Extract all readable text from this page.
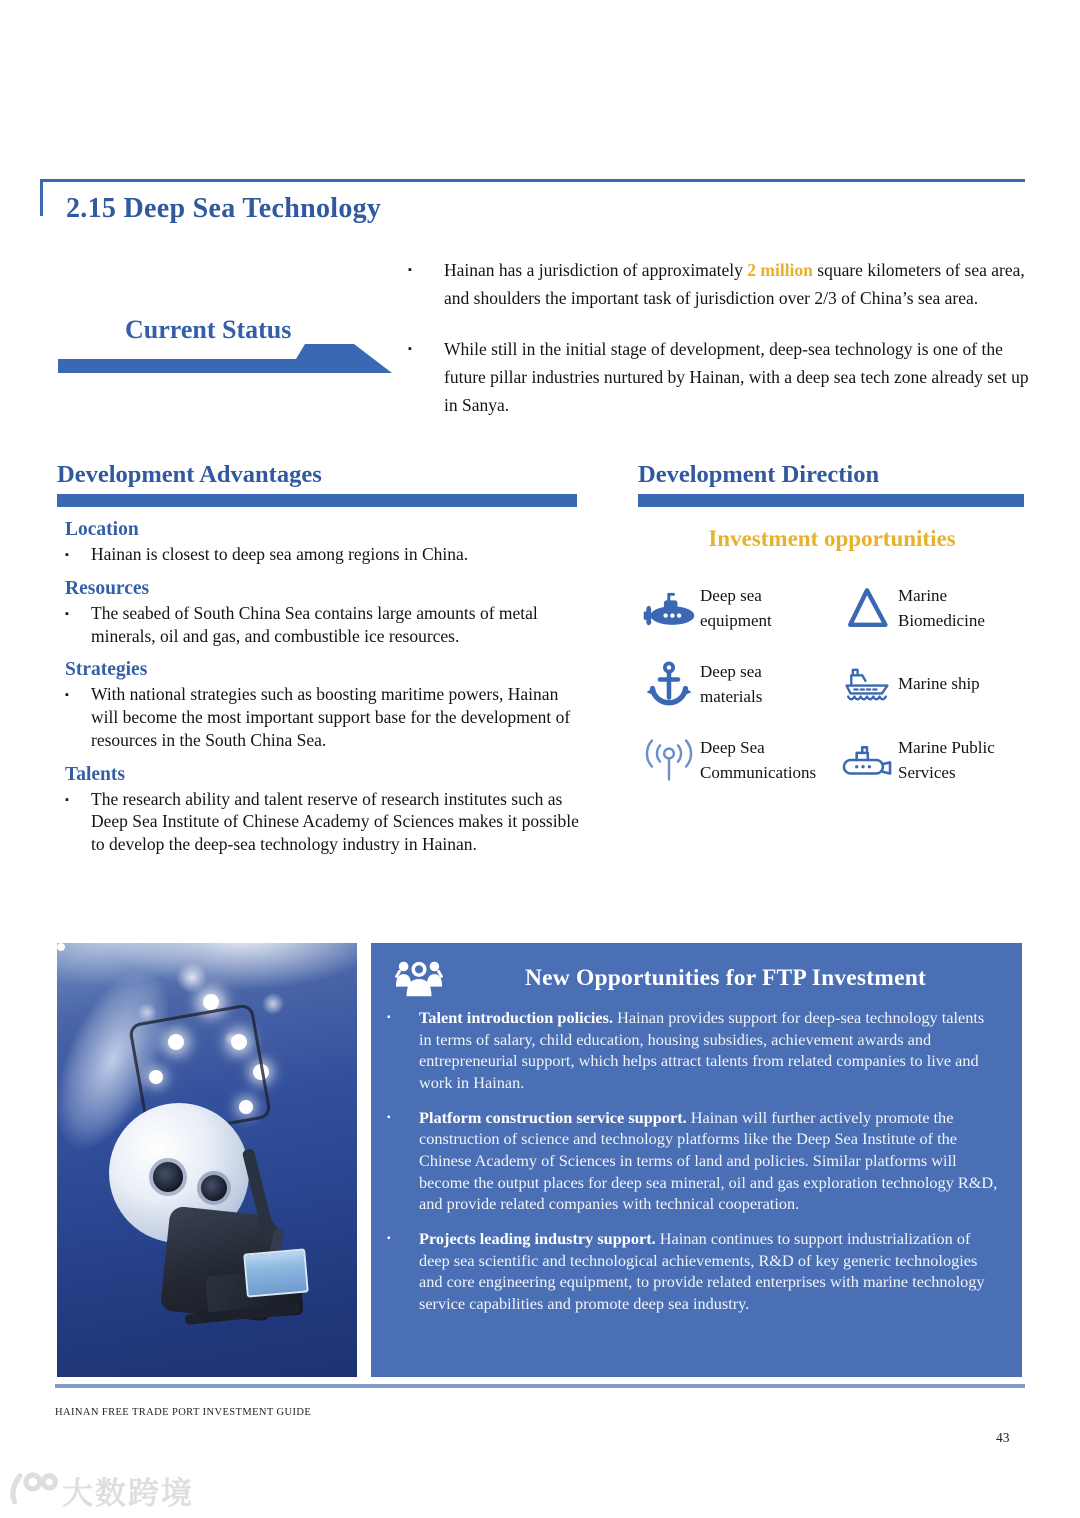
2.15 Deep Sea Technology
Current Status
▪	Hainan has a jurisdiction of approximately 2 million square kilometers of sea area, and shoulders the important task of jurisdiction over 2/3 of China’s sea area.

▪	While still in the initial stage of development, deep-sea technology is one of the future pillar industries nurtured by Hainan, with a deep sea tech zone already set up in Sanya.

Development Advantages
Location
▪	Hainan is closest to deep sea among regions in China.

Resources
▪	The seabed of South China Sea contains large amounts of metal minerals, oil and gas, and combustible ice resources.

Strategies
▪	With national strategies such as boosting maritime powers, Hainan will become the most important support base for the development of resources in the South China Sea.

Talents
▪	The research ability and talent reserve of research institutes such as Deep Sea Institute of Chinese Academy of Sciences makes it possible to develop the deep-sea technology industry in Hainan.

Development Direction
Investment opportunities
Deep sea equipment
Marine Biomedicine
Deep sea materials
Marine ship
Deep Sea Communications
Marine Public Services
New Opportunities for FTP Investment
▪	Talent introduction policies. Hainan provides support for deep-sea technology talents in terms of salary, child education, housing subsidies, achievement awards and entrepreneurial support, which helps attract talents from related companies to live and work in Hainan.

▪	Platform construction service support. Hainan will further actively promote the construction of science and technology platforms like the Deep Sea Institute of the Chinese Academy of Sciences in terms of land and policies. Similar platforms will become the output places for deep sea mineral, oil and gas exploration technology R&D, and provide related companies with technical cooperation.

▪	Projects leading industry support. Hainan continues to support industrialization of deep sea scientific and technological achievements, R&D of key generic technologies and core engineering equipment, to provide related enterprises with marine technology service capabilities and promote deep sea industry.

HAINAN FREE TRADE PORT INVESTMENT GUIDE
43
大数跨境
